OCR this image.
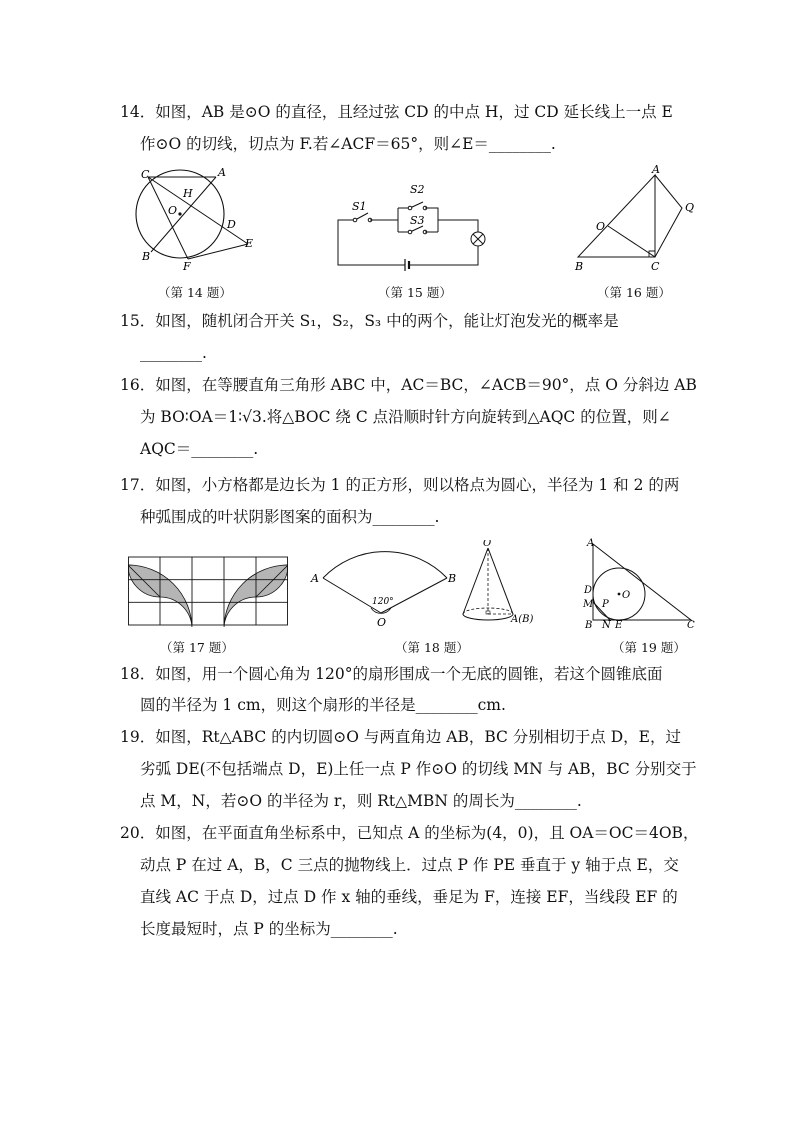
14．如图，AB 是⊙O 的直径，且经过弦 CD 的中点 H，过 CD 延长线上一点 E
作⊙O 的切线，切点为 F.若∠ACF＝65°，则∠E＝________.
C	A
H
O
D
E
B
F
（第 14 题）
S1
S2
S3
（第 15 题）
A
Q
O
B	C
（第 16 题）
15．如图，随机闭合开关 S₁，S₂，S₃ 中的两个，能让灯泡发光的概率是
________.
16．如图，在等腰直角三角形 ABC 中，AC＝BC，∠ACB＝90°，点 O 分斜边 AB
为 BO∶OA＝1∶√3.将△BOC 绕 C 点沿顺时针方向旋转到△AQC 的位置，则∠
AQC＝________.
17．如图，小方格都是边长为 1 的正方形，则以格点为圆心，半径为 1 和 2 的两
种弧围成的叶状阴影图案的面积为________.
（第 17 题）
A	B
O
120°
O
A(B)
（第 18 题）
A
D
M P
O
B N E	C
（第 19 题）
18．如图，用一个圆心角为 120°的扇形围成一个无底的圆锥，若这个圆锥底面
圆的半径为 1 cm，则这个扇形的半径是________cm.
19．如图，Rt△ABC 的内切圆⊙O 与两直角边 AB，BC 分别相切于点 D，E，过
劣弧 DE(不包括端点 D，E)上任一点 P 作⊙O 的切线 MN 与 AB，BC 分别交于
点 M，N，若⊙O 的半径为 r，则 Rt△MBN 的周长为________.
20．如图，在平面直角坐标系中，已知点 A 的坐标为(4，0)，且 OA＝OC＝4OB，
动点 P 在过 A，B，C 三点的抛物线上．过点 P 作 PE 垂直于 y 轴于点 E，交
直线 AC 于点 D，过点 D 作 x 轴的垂线，垂足为 F，连接 EF，当线段 EF 的
长度最短时，点 P 的坐标为________.
